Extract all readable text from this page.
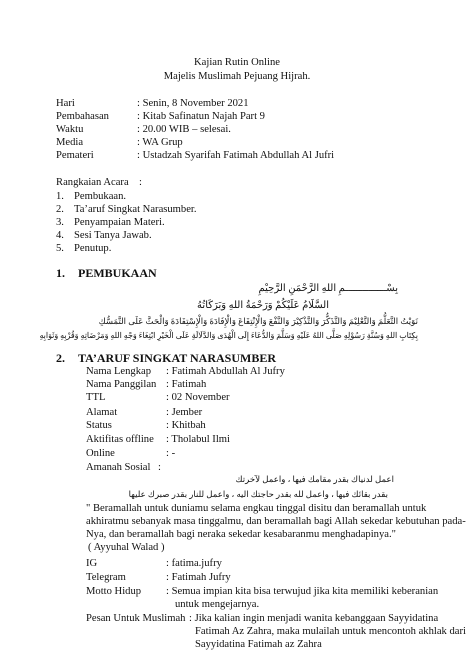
Kajian Rutin Online
Majelis Muslimah Pejuang Hijrah.
Hari	: Senin, 8 November 2021
Pembahasan	: Kitab Safinatun Najah Part 9
Waktu	: 20.00 WIB – selesai.
Media	: WA Grup
Pemateri	: Ustadzah Syarifah Fatimah Abdullah Al Jufri
Rangkaian Acara :
1. Pembukaan.
2. Ta’aruf Singkat Narasumber.
3. Penyampaian Materi.
4. Sesi Tanya Jawab.
5. Penutup.
1. PEMBUKAAN
بِسْــــــــــــــمِ اللهِ الرَّحْمَنِ الرَّحِيْمِ
السَّلَامُ عَلَيْكُمْ وَرَحْمَةُ اللهِ وَبَرَكَاتُهُ
نَوَيْتُ التَّعَلُّمَ وَالتَّعْلِيْمَ وَالتَّذَكُّرَ وَالتَّذْكِيْرَ وَالنَّفْعَ وَالْإِنْتِفَاعَ وَالْإِفَادَةَ وَالْإِسْتِفَادَةَ وَالْحَثَّ عَلَى التَّمَسُّكِ
بِكِتَابِ اللهِ وَسُنَّةِ رَسُوْلِهِ صَلَّى اللهُ عَلَيْهِ وَسَلَّمَ وَالدُّعَاءَ إِلَى الْهُدَى وَالدَّلَالَةِ عَلَى الْخَيْرِ ابْتِغَاءَ وَجْهِ اللهِ وَمَرْضَاتِهِ وَقُرْبِهِ وَثَوَابِهِ
2. TA’ARUF SINGKAT NARASUMBER
Nama Lengkap : Fatimah Abdullah Al Jufry
Nama Panggilan : Fatimah
TTL	: 02 November
Alamat	: Jember
Status	: Khitbah
Aktifitas offline : Tholabul Ilmi
Online	: -
Amanah Sosial :
اعمل لدنياك بقدر مقامك فيها ، واعمل لآخرتك
بقدر بقائك فيها ، واعمل لله بقدر حاجتك اليه ، واعمل للنار بقدر صبرك عليها
" Beramallah untuk duniamu selama engkau tinggal disitu dan beramallah untuk
akhiratmu sebanyak masa tinggalmu, dan beramallah bagi Allah sekedar kebutuhan pada-
Nya, dan beramallah bagi neraka sekedar kesabaranmu menghadapinya."
( Ayyuhal Walad )
IG	: fatima.jufry
Telegram	: Fatimah Jufry
Motto Hidup : Semua impian kita bisa terwujud jika kita memiliki keberanian
untuk mengejarnya.
Pesan Untuk Muslimah : Jika kalian ingin menjadi wanita kebanggaan Sayyidatina
Fatimah Az Zahra, maka mulailah untuk mencontoh akhlak dari
Sayyidatina Fatimah az Zahra
